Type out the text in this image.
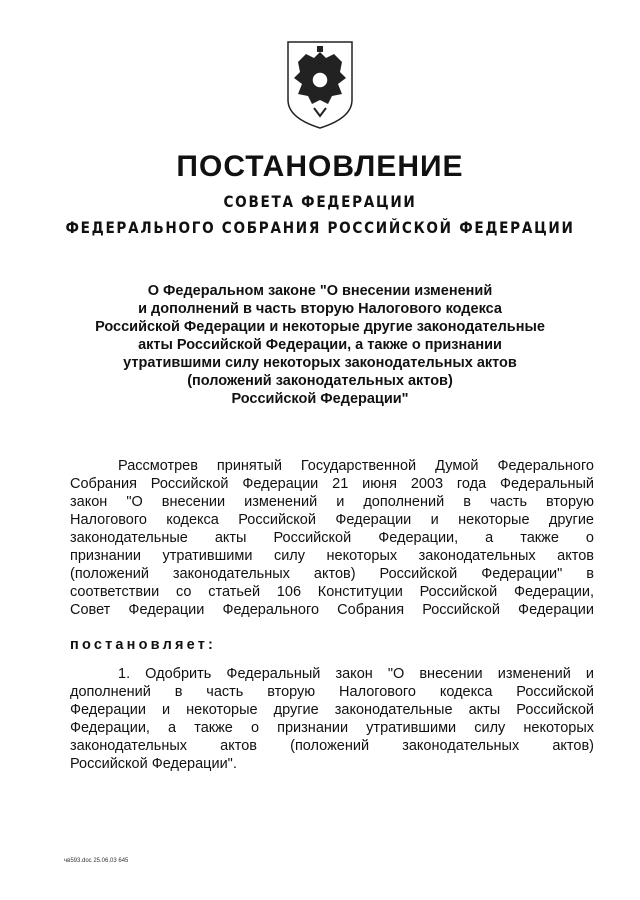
ПОСТАНОВЛЕНИЕ
СОВЕТА ФЕДЕРАЦИИ
ФЕДЕРАЛЬНОГО СОБРАНИЯ РОССИЙСКОЙ ФЕДЕРАЦИИ
О Федеральном законе "О внесении изменений
и дополнений в часть вторую Налогового кодекса
Российской Федерации и некоторые другие законодательные
акты Российской Федерации, а также о признании
утратившими силу некоторых законодательных актов
(положений законодательных актов)
Российской Федерации"
Рассмотрев принятый Государственной Думой Федерального
Собрания Российской Федерации 21 июня 2003 года Федеральный
закон "О внесении изменений и дополнений в часть вторую
Налогового кодекса Российской Федерации и некоторые другие
законодательные акты Российской Федерации, а также о
признании утратившими силу некоторых законодательных актов
(положений законодательных актов) Российской Федерации" в
соответствии со статьей 106 Конституции Российской Федерации,
Совет Федерации Федерального Собрания Российской Федерации
постановляет:
1. Одобрить Федеральный закон "О внесении изменений и
дополнений в часть вторую Налогового кодекса Российской
Федерации и некоторые другие законодательные акты Российской
Федерации, а также о признании утратившими силу некоторых
законодательных актов (положений законодательных актов)
Российской Федерации".
чв593.doc 25.06.03 645
